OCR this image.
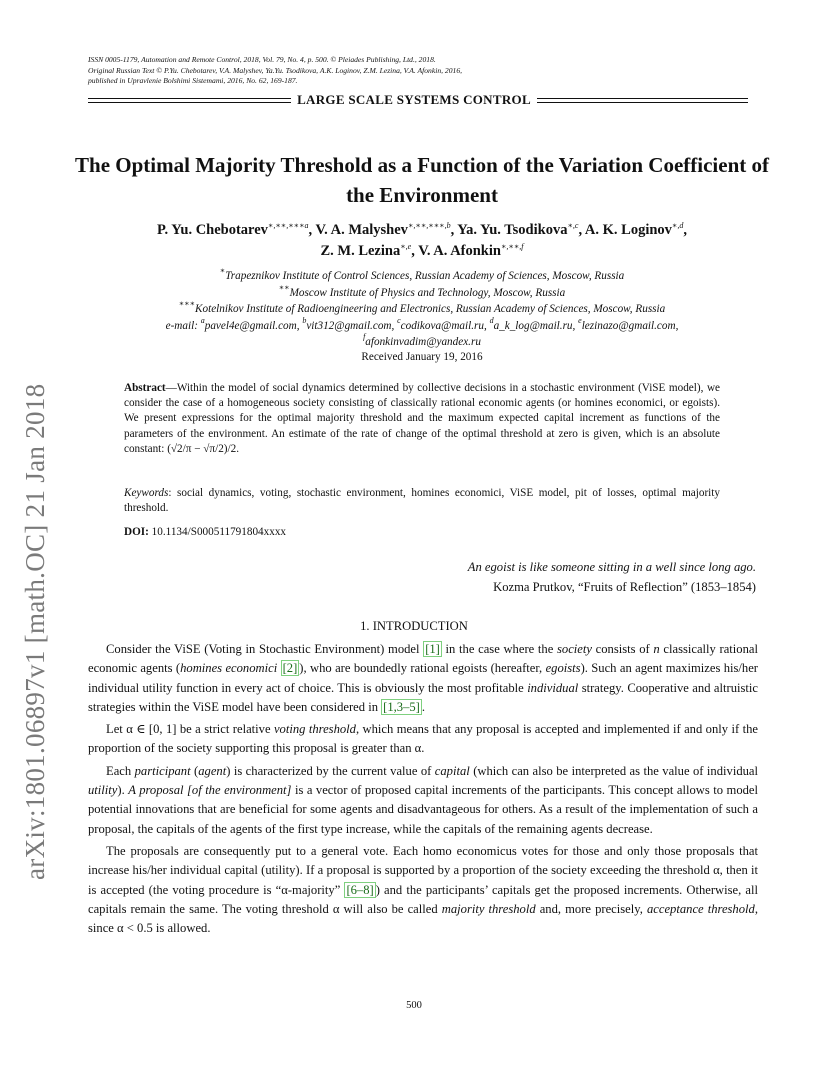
ISSN 0005-1179, Automation and Remote Control, 2018, Vol. 79, No. 4, p. 500. © Pleiades Publishing, Ltd., 2018.
Original Russian Text © P.Yu. Chebotarev, V.A. Malyshev, Ya.Yu. Tsodikova, A.K. Loginov, Z.M. Lezina, V.A. Afonkin, 2016,
published in Upravlenie Bolshimi Sistemami, 2016, No. 62, 169-187.
LARGE SCALE SYSTEMS CONTROL
The Optimal Majority Threshold as a Function of the Variation Coefficient of the Environment
P. Yu. Chebotarev$^{∗,∗∗,∗∗∗a}$, V. A. Malyshev$^{∗,∗∗,∗∗∗,b}$, Ya. Yu. Tsodikova$^{∗,c}$, A. K. Loginov$^{∗,d}$,
Z. M. Lezina$^{∗,e}$, V. A. Afonkin$^{∗,∗∗,f}$
∗Trapeznikov Institute of Control Sciences, Russian Academy of Sciences, Moscow, Russia
∗∗Moscow Institute of Physics and Technology, Moscow, Russia
∗∗∗Kotelnikov Institute of Radioengineering and Electronics, Russian Academy of Sciences, Moscow, Russia
e-mail: $^a$pavel4e@gmail.com, $^b$vit312@gmail.com, $^c$codikova@mail.ru, $^d$a_k_log@mail.ru, $^e$lezinazo@gmail.com,
$^f$afonkinvadim@yandex.ru
Received January 19, 2016
Abstract—Within the model of social dynamics determined by collective decisions in a stochastic environment (ViSE model), we consider the case of a homogeneous society consisting of classically rational economic agents (or homines economici, or egoists). We present expressions for the optimal majority threshold and the maximum expected capital increment as functions of the parameters of the environment. An estimate of the rate of change of the optimal threshold at zero is given, which is an absolute constant: (√2/π − √π/2)/2.
Keywords: social dynamics, voting, stochastic environment, homines economici, ViSE model, pit of losses, optimal majority threshold.
DOI: 10.1134/S000511791804xxxx
An egoist is like someone sitting in a well since long ago.
Kozma Prutkov, “Fruits of Reflection” (1853–1854)
1. INTRODUCTION

Consider the ViSE (Voting in Stochastic Environment) model [1] in the case where the society consists of n classically rational economic agents (homines economici [2] ), who are boundedly rational egoists (hereafter, egoists). Such an agent maximizes his/her individual utility function in every act of choice. This is obviously the most profitable individual strategy. Cooperative and altruistic strategies within the ViSE model have been considered in [1,3–5] .

Let α ∈ [0, 1] be a strict relative voting threshold, which means that any proposal is accepted and implemented if and only if the proportion of the society supporting this proposal is greater than α.

Each participant (agent) is characterized by the current value of capital (which can also be interpreted as the value of individual utility). A proposal [of the environment] is a vector of proposed capital increments of the participants. This concept allows to model potential innovations that are beneficial for some agents and disadvantageous for others. As a result of the implementation of such a proposal, the capitals of the agents of the first type increase, while the capitals of the remaining agents decrease.

The proposals are consequently put to a general vote. Each homo economicus votes for those and only those proposals that increase his/her individual capital (utility). If a proposal is supported by a proportion of the society exceeding the threshold α, then it is accepted (the voting procedure is “α-majority” [6–8] ) and the participants’ capitals get the proposed increments. Otherwise, all capitals remain the same. The voting threshold α will also be called majority threshold and, more precisely, acceptance threshold, since α < 0.5 is allowed.

500
arXiv:1801.06897v1 [math.OC] 21 Jan 2018
